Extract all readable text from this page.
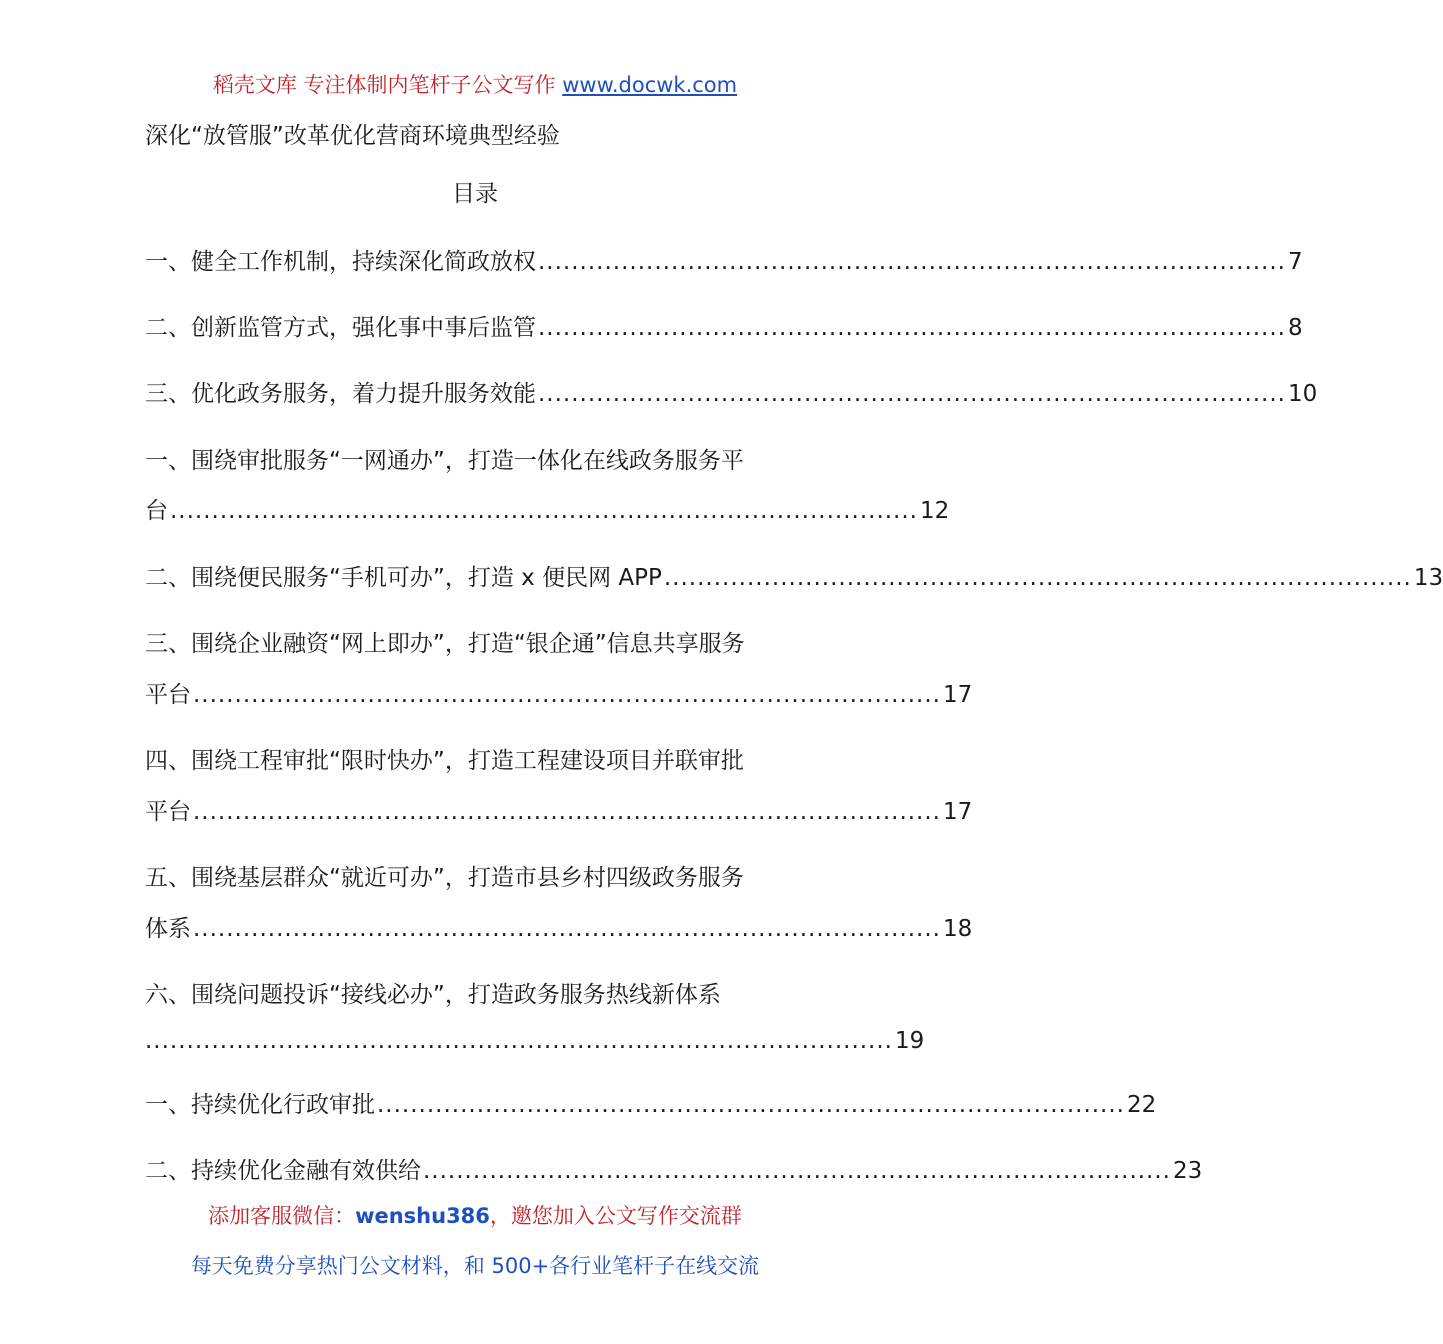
稻壳文库 专注体制内笔杆子公文写作 www.docwk.com
深化“放管服”改革优化营商环境典型经验
目录
一、健全工作机制，持续深化简政放权 .......................................................................................... 7
二、创新监管方式，强化事中事后监管 .......................................................................................... 8
三、优化政务服务，着力提升服务效能 .......................................................................................... 10
一、围绕审批服务“一网通办”，打造一体化在线政务服务平
台 .......................................................................................... 12
二、围绕便民服务“手机可办”，打造 x 便民网 APP .......................................................................................... 13
三、围绕企业融资“网上即办”，打造“银企通”信息共享服务
平台 .......................................................................................... 17
四、围绕工程审批“限时快办”，打造工程建设项目并联审批
平台 .......................................................................................... 17
五、围绕基层群众“就近可办”，打造市县乡村四级政务服务
体系 .......................................................................................... 18
六、围绕问题投诉“接线必办”，打造政务服务热线新体系
.......................................................................................... 19
一、持续优化行政审批 .......................................................................................... 22
二、持续优化金融有效供给 .......................................................................................... 23
添加客服微信：wenshu386，邀您加入公文写作交流群
每天免费分享热门公文材料，和 500+各行业笔杆子在线交流
